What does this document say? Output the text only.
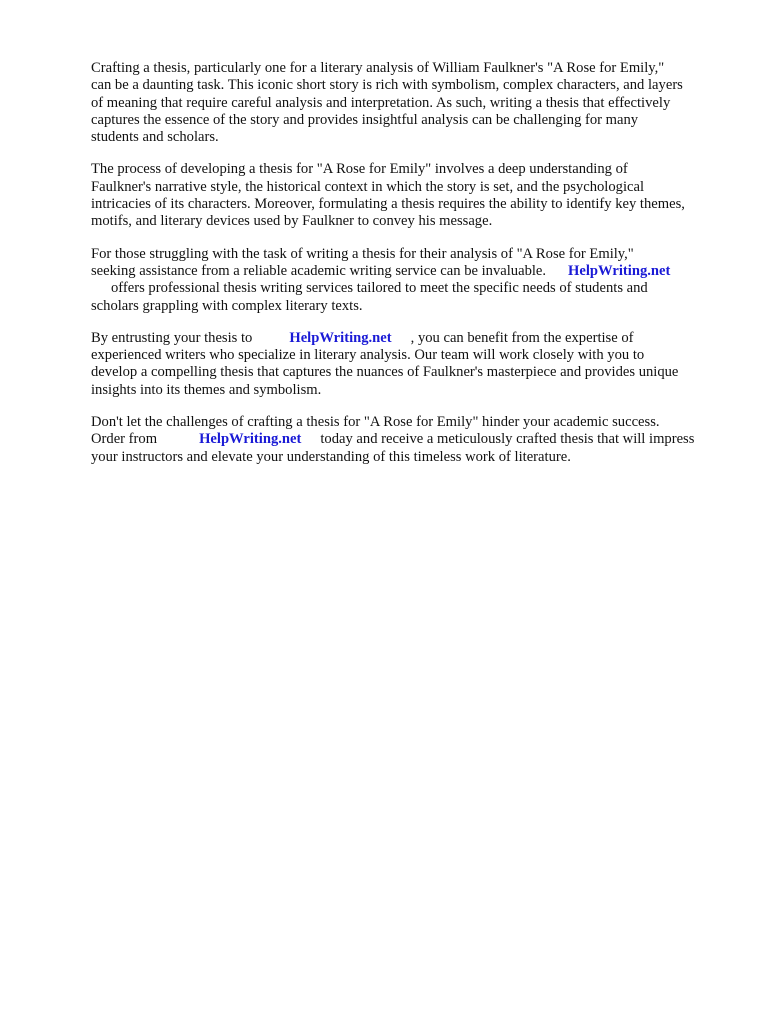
Crafting a thesis, particularly one for a literary analysis of William Faulkner's "A Rose for Emily,"
can be a daunting task. This iconic short story is rich with symbolism, complex characters, and layers
of meaning that require careful analysis and interpretation. As such, writing a thesis that effectively
captures the essence of the story and provides insightful analysis can be challenging for many
students and scholars.

The process of developing a thesis for "A Rose for Emily" involves a deep understanding of
Faulkner's narrative style, the historical context in which the story is set, and the psychological
intricacies of its characters. Moreover, formulating a thesis requires the ability to identify key themes,
motifs, and literary devices used by Faulkner to convey his message.

For those struggling with the task of writing a thesis for their analysis of "A Rose for Emily,"
seeking assistance from a reliable academic writing service can be invaluable. HelpWriting.net
offers professional thesis writing services tailored to meet the specific needs of students and
scholars grappling with complex literary texts.

By entrusting your thesis to	HelpWriting.net , you can benefit from the expertise of
experienced writers who specialize in literary analysis. Our team will work closely with you to
develop a compelling thesis that captures the nuances of Faulkner's masterpiece and provides unique
insights into its themes and symbolism.

Don't let the challenges of crafting a thesis for "A Rose for Emily" hinder your academic success.
Order from	HelpWriting.net today and receive a meticulously crafted thesis that will impress
your instructors and elevate your understanding of this timeless work of literature.
